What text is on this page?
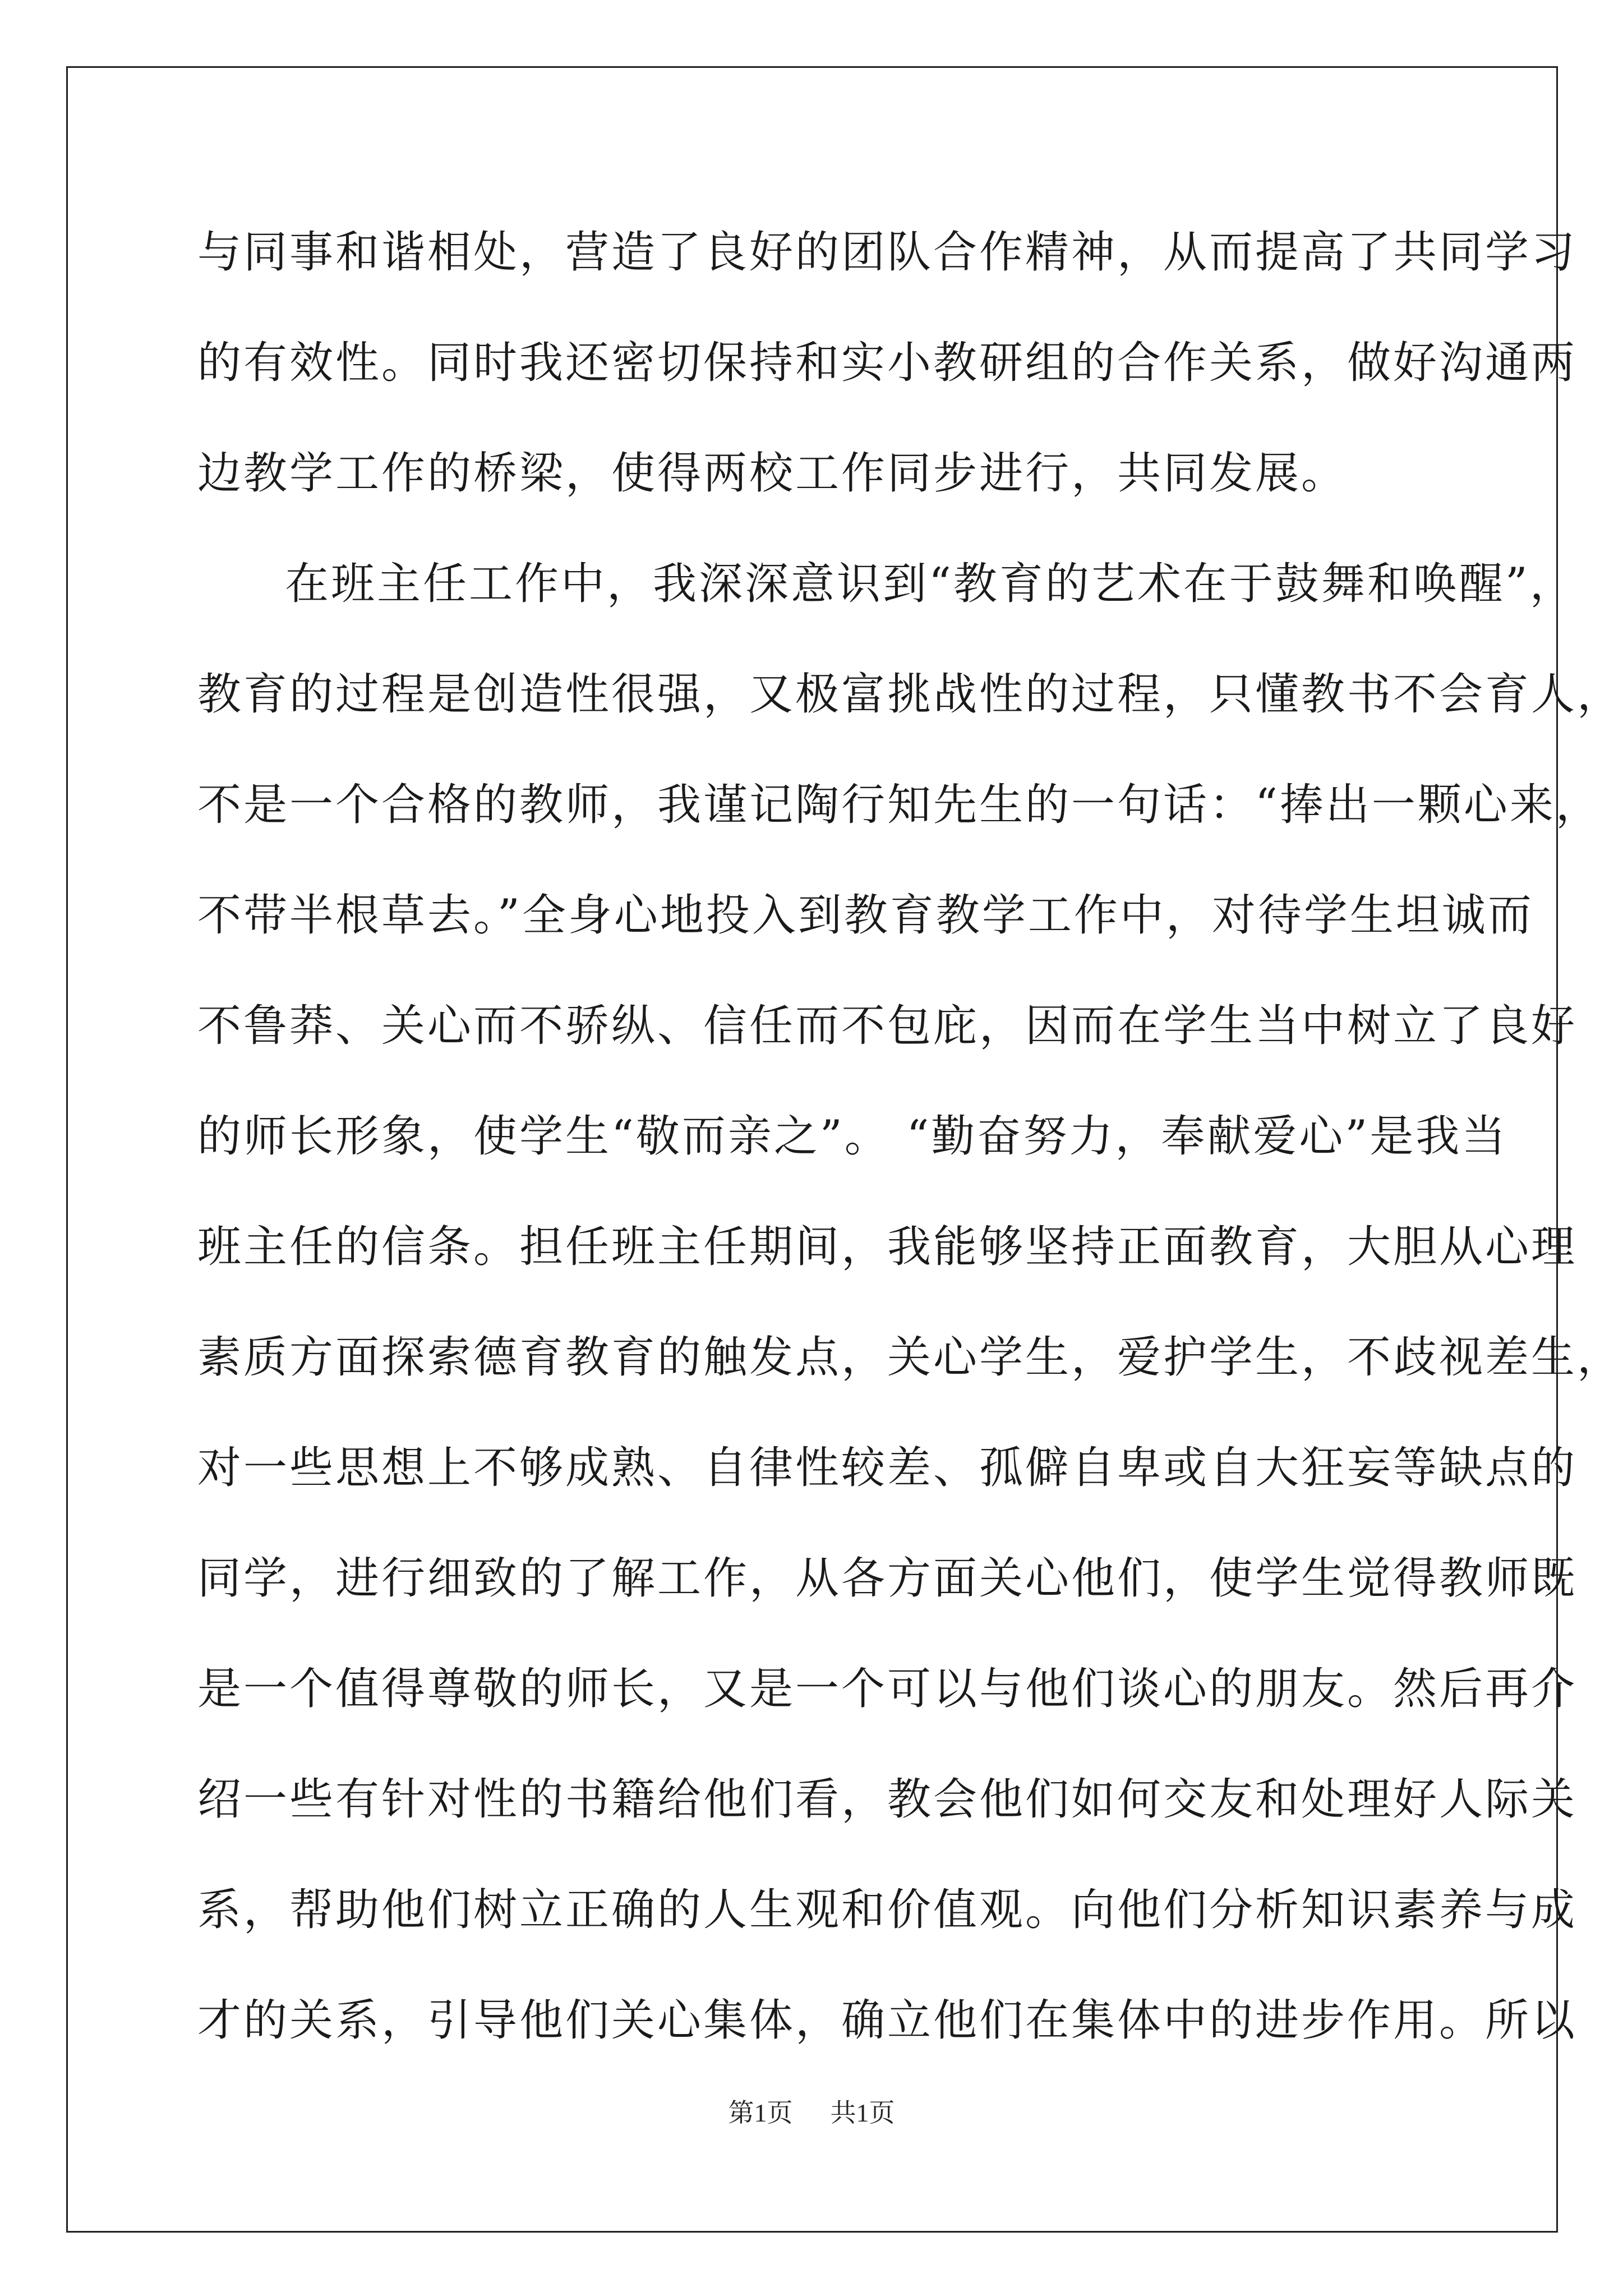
与同事和谐相处，营造了良好的团队合作精神，从而提高了共同学习
的有效性。同时我还密切保持和实小教研组的合作关系，做好沟通两
边教学工作的桥梁，使得两校工作同步进行，共同发展。
在班主任工作中，我深深意识到“教育的艺术在于鼓舞和唤醒”，
教育的过程是创造性很强，又极富挑战性的过程，只懂教书不会育人，
不是一个合格的教师，我谨记陶行知先生的一句话：“捧出一颗心来，
不带半根草去。”全身心地投入到教育教学工作中，对待学生坦诚而
不鲁莽、关心而不骄纵、信任而不包庇，因而在学生当中树立了良好
的师长形象，使学生“敬而亲之”。 “勤奋努力，奉献爱心”是我当
班主任的信条。担任班主任期间，我能够坚持正面教育，大胆从心理
素质方面探索德育教育的触发点，关心学生，爱护学生，不歧视差生，
对一些思想上不够成熟、自律性较差、孤僻自卑或自大狂妄等缺点的
同学，进行细致的了解工作，从各方面关心他们，使学生觉得教师既
是一个值得尊敬的师长，又是一个可以与他们谈心的朋友。然后再介
绍一些有针对性的书籍给他们看，教会他们如何交友和处理好人际关
系，帮助他们树立正确的人生观和价值观。向他们分析知识素养与成
才的关系，引导他们关心集体，确立他们在集体中的进步作用。所以
第1页 共1页
